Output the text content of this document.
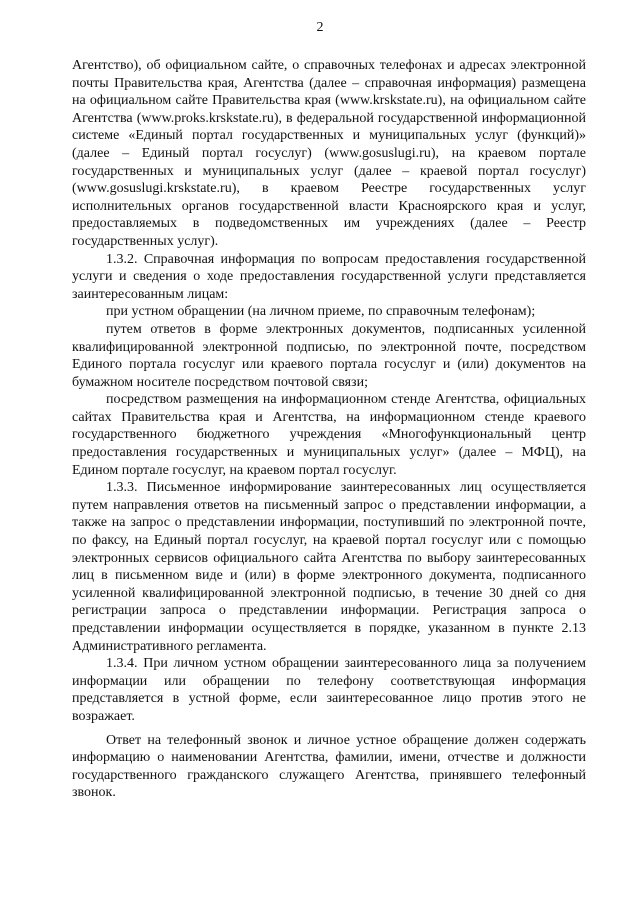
2

Агентство), об официальном сайте, о справочных телефонах и адресах электронной почты Правительства края, Агентства (далее – справочная информация) размещена на официальном сайте Правительства края (www.krskstate.ru), на официальном сайте Агентства (www.proks.krskstate.ru), в федеральной государственной информационной системе «Единый портал государственных и муниципальных услуг (функций)» (далее – Единый портал госуслуг) (www.gosuslugi.ru), на краевом портале государственных и муниципальных услуг (далее – краевой портал госуслуг) (www.gosuslugi.krskstate.ru), в краевом Реестре государственных услуг исполнительных органов государственной власти Красноярского края и услуг, предоставляемых в подведомственных им учреждениях (далее – Реестр государственных услуг).

1.3.2. Справочная информация по вопросам предоставления государственной услуги и сведения о ходе предоставления государственной услуги представляется заинтересованным лицам:

при устном обращении (на личном приеме, по справочным телефонам);

путем ответов в форме электронных документов, подписанных усиленной квалифицированной электронной подписью, по электронной почте, посредством Единого портала госуслуг или краевого портала госуслуг и (или) документов на бумажном носителе посредством почтовой связи;

посредством размещения на информационном стенде Агентства, официальных сайтах Правительства края и Агентства, на информационном стенде краевого государственного бюджетного учреждения «Многофункциональный центр предоставления государственных и муниципальных услуг» (далее – МФЦ), на Едином портале госуслуг, на краевом портал госуслуг.

1.3.3. Письменное информирование заинтересованных лиц осуществляется путем направления ответов на письменный запрос о представлении информации, а также на запрос о представлении информации, поступивший по электронной почте, по факсу, на Единый портал госуслуг, на краевой портал госуслуг или с помощью электронных сервисов официального сайта Агентства по выбору заинтересованных лиц в письменном виде и (или) в форме электронного документа, подписанного усиленной квалифицированной электронной подписью, в течение 30 дней со дня регистрации запроса о представлении информации. Регистрация запроса о представлении информации осуществляется в порядке, указанном в пункте 2.13 Административного регламента.

1.3.4. При личном устном обращении заинтересованного лица за получением информации или обращении по телефону соответствующая информация представляется в устной форме, если заинтересованное лицо против этого не возражает.

Ответ на телефонный звонок и личное устное обращение должен содержать информацию о наименовании Агентства, фамилии, имени, отчестве и должности государственного гражданского служащего Агентства, принявшего телефонный звонок.
